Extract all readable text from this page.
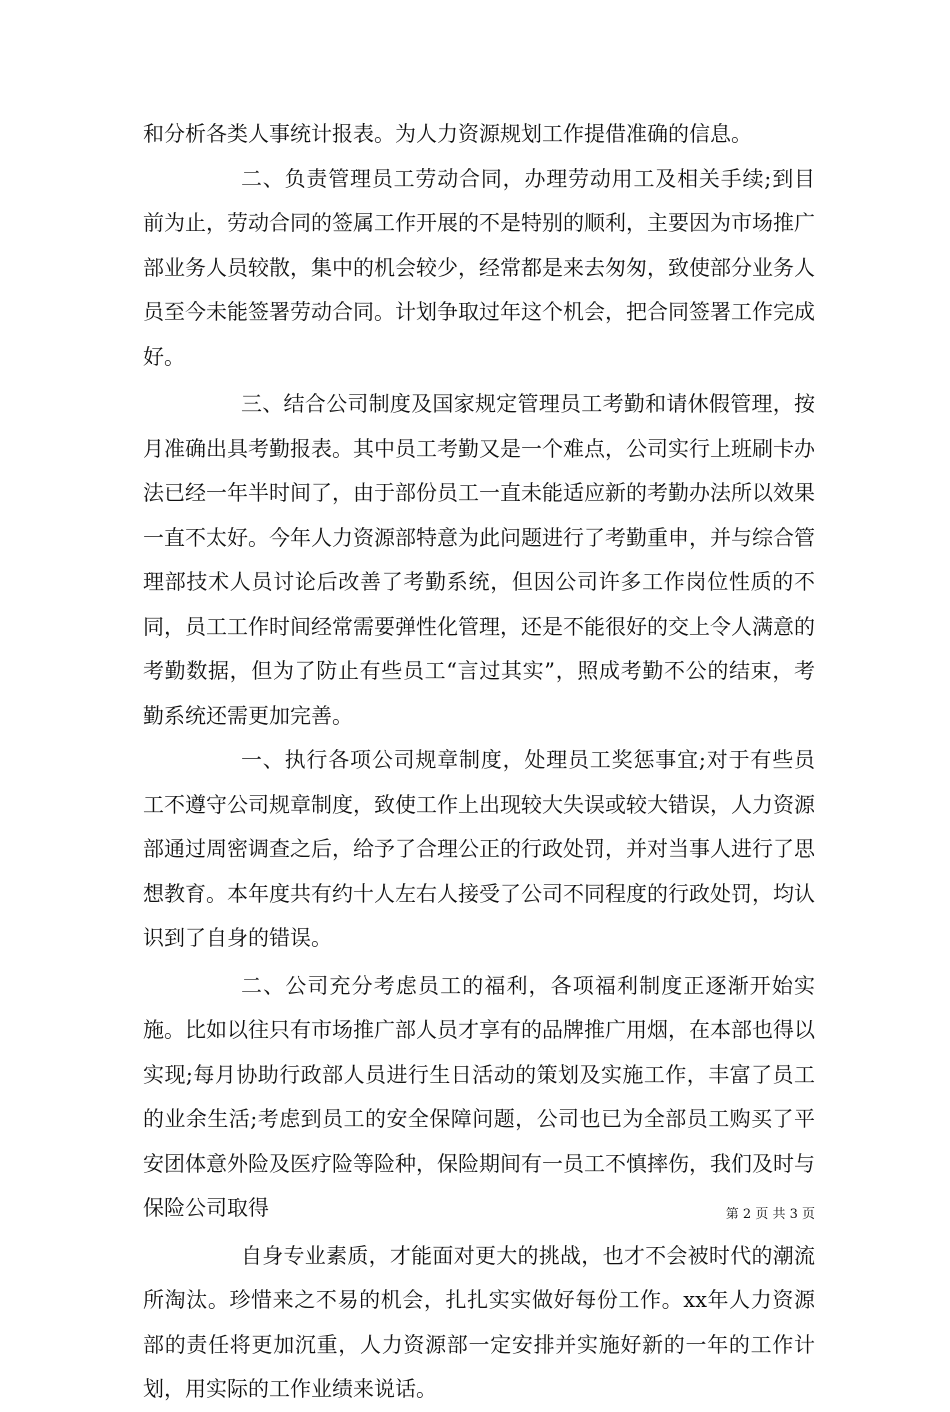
和分析各类人事统计报表。为人力资源规划工作提借准确的信息。

二、负责管理员工劳动合同，办理劳动用工及相关手续;到目前为止，劳动合同的签属工作开展的不是特别的顺利，主要因为市场推广部业务人员较散，集中的机会较少，经常都是来去匆匆，致使部分业务人员至今未能签署劳动合同。计划争取过年这个机会，把合同签署工作完成好。

三、结合公司制度及国家规定管理员工考勤和请休假管理，按月准确出具考勤报表。其中员工考勤又是一个难点，公司实行上班刷卡办法已经一年半时间了，由于部份员工一直未能适应新的考勤办法所以效果一直不太好。今年人力资源部特意为此问题进行了考勤重申，并与综合管理部技术人员讨论后改善了考勤系统，但因公司许多工作岗位性质的不同，员工工作时间经常需要弹性化管理，还是不能很好的交上令人满意的考勤数据，但为了防止有些员工“言过其实”，照成考勤不公的结束，考勤系统还需更加完善。

一、执行各项公司规章制度，处理员工奖惩事宜;对于有些员工不遵守公司规章制度，致使工作上出现较大失误或较大错误，人力资源部通过周密调查之后，给予了合理公正的行政处罚，并对当事人进行了思想教育。本年度共有约十人左右人接受了公司不同程度的行政处罚，均认识到了自身的错误。

二、公司充分考虑员工的福利，各项福利制度正逐渐开始实施。比如以往只有市场推广部人员才享有的品牌推广用烟，在本部也得以实现;每月协助行政部人员进行生日活动的策划及实施工作，丰富了员工的业余生活;考虑到员工的安全保障问题，公司也已为全部员工购买了平安团体意外险及医疗险等险种，保险期间有一员工不慎摔伤，我们及时与保险公司取得

自身专业素质，才能面对更大的挑战，也才不会被时代的潮流所淘汰。珍惜来之不易的机会，扎扎实实做好每份工作。xx年人力资源部的责任将更加沉重，人力资源部一定安排并实施好新的一年的工作计划，用实际的工作业绩来说话。

第 2 页 共 3 页
